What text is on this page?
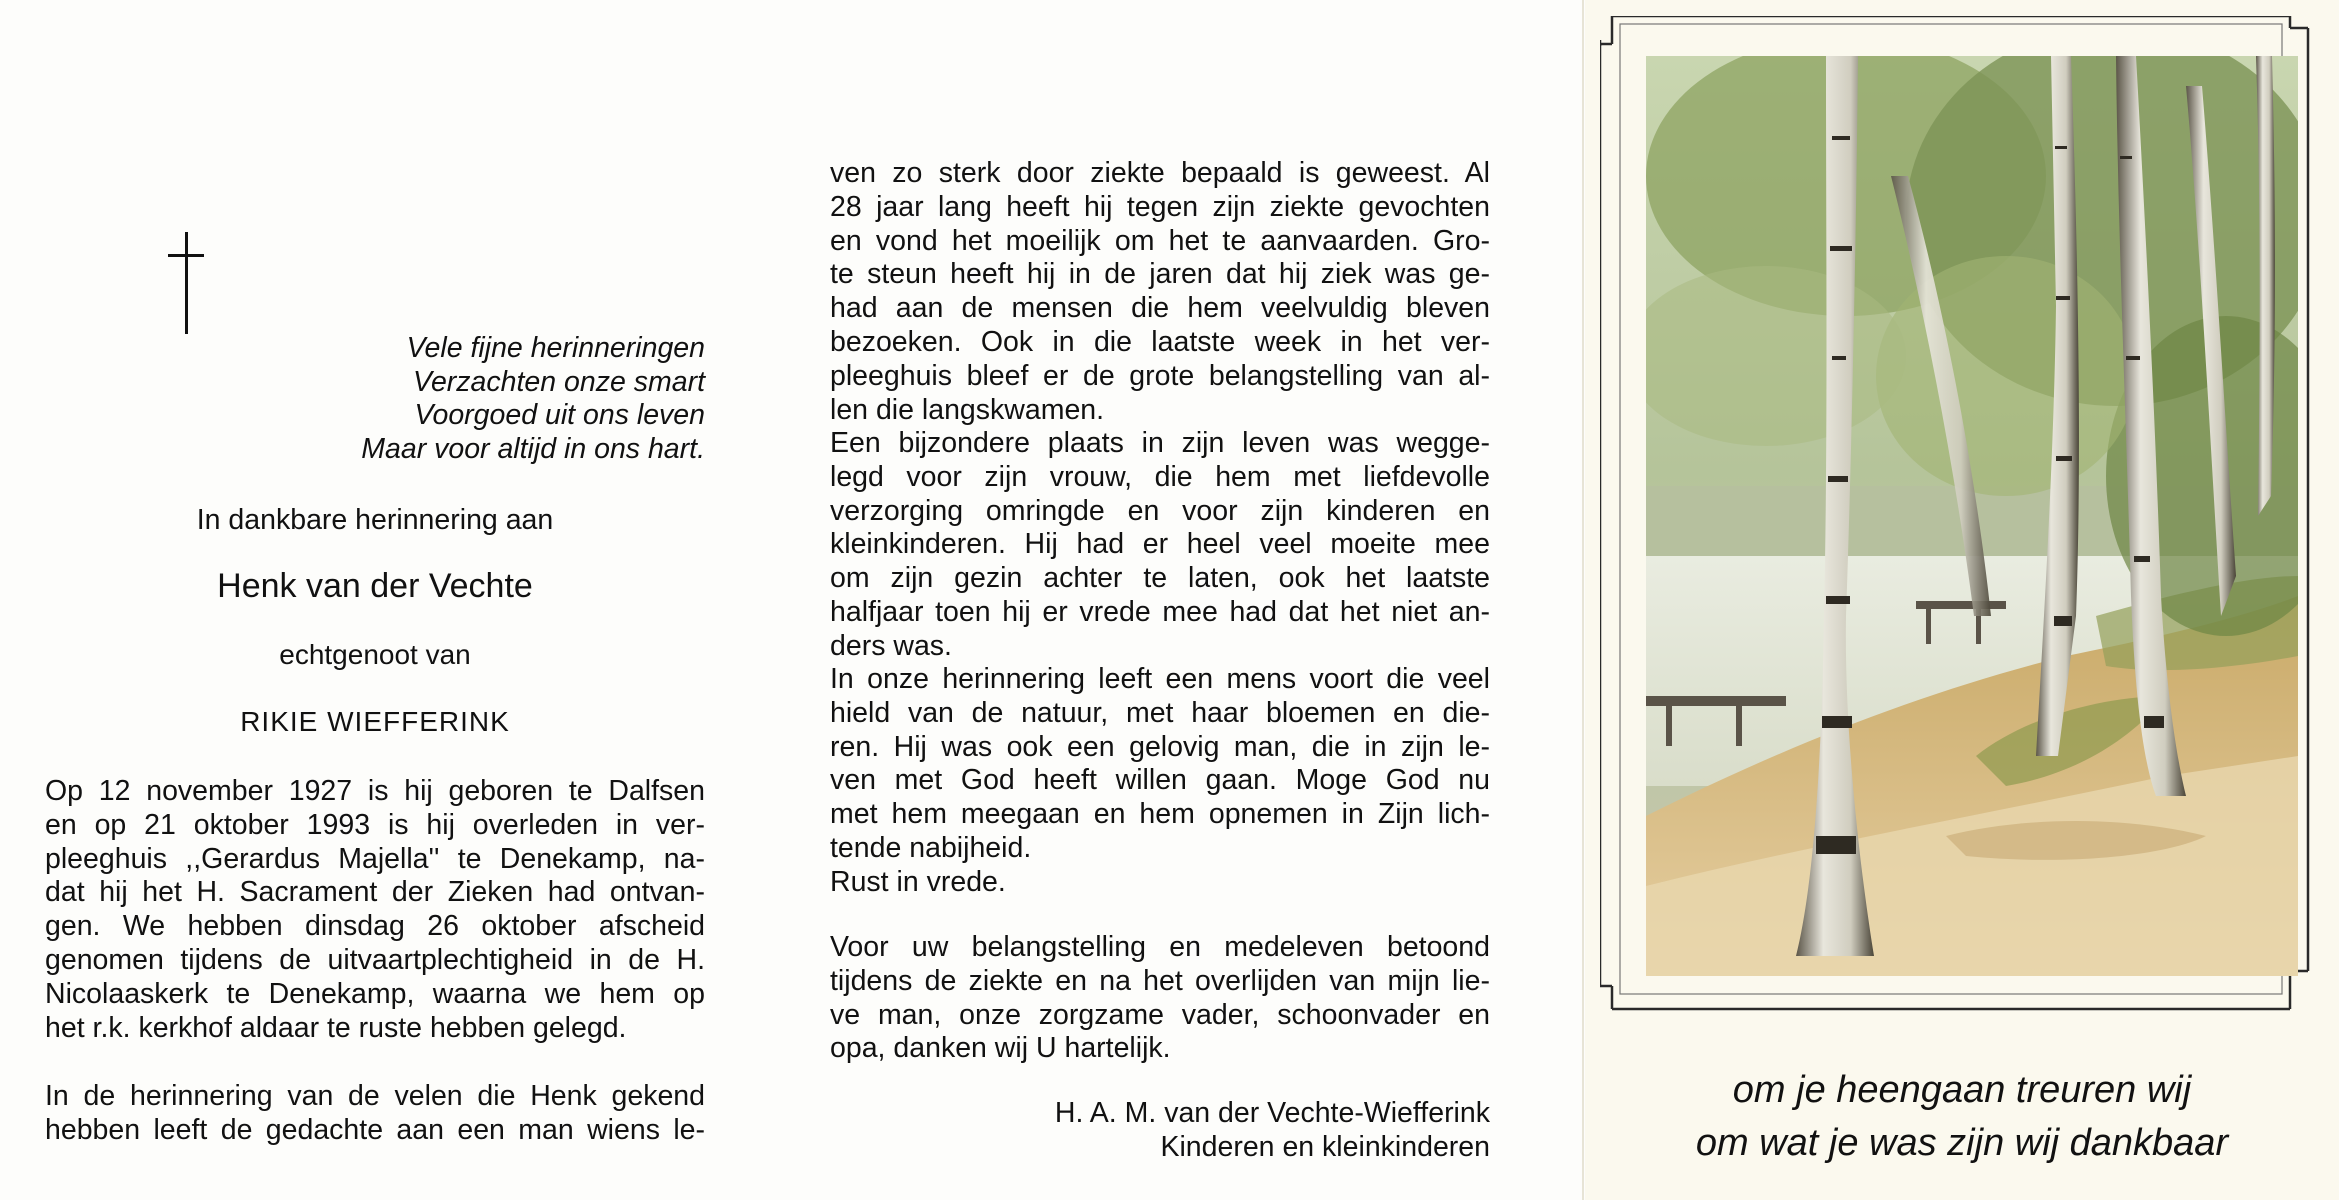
Vele fijne herinneringen
Verzachten onze smart
Voorgoed uit ons leven
Maar voor altijd in ons hart.
In dankbare herinnering aan
Henk van der Vechte
echtgenoot van
RIKIE WIEFFERINK
Op 12 november 1927 is hij geboren te Dalfsen
en op 21 oktober 1993 is hij overleden in ver-
pleeghuis ,,Gerardus Majella'' te Denekamp, na-
dat hij het H. Sacrament der Zieken had ontvan-
gen. We hebben dinsdag 26 oktober afscheid
genomen tijdens de uitvaartplechtigheid in de H.
Nicolaaskerk te Denekamp, waarna we hem op
het r.k. kerkhof aldaar te ruste hebben gelegd.
In de herinnering van de velen die Henk gekend
hebben leeft de gedachte aan een man wiens le-
ven zo sterk door ziekte bepaald is geweest. Al
28 jaar lang heeft hij tegen zijn ziekte gevochten
en vond het moeilijk om het te aanvaarden. Gro-
te steun heeft hij in de jaren dat hij ziek was ge-
had aan de mensen die hem veelvuldig bleven
bezoeken. Ook in die laatste week in het ver-
pleeghuis bleef er de grote belangstelling van al-
len die langskwamen.
Een bijzondere plaats in zijn leven was wegge-
legd voor zijn vrouw, die hem met liefdevolle
verzorging omringde en voor zijn kinderen en
kleinkinderen. Hij had er heel veel moeite mee
om zijn gezin achter te laten, ook het laatste
halfjaar toen hij er vrede mee had dat het niet an-
ders was.
In onze herinnering leeft een mens voort die veel
hield van de natuur, met haar bloemen en die-
ren. Hij was ook een gelovig man, die in zijn le-
ven met God heeft willen gaan. Moge God nu
met hem meegaan en hem opnemen in Zijn lich-
tende nabijheid.
Rust in vrede.
Voor uw belangstelling en medeleven betoond
tijdens de ziekte en na het overlijden van mijn lie-
ve man, onze zorgzame vader, schoonvader en
opa, danken wij U hartelijk.
H. A. M. van der Vechte-Wiefferink
Kinderen en kleinkinderen
om je heengaan treuren wij
om wat je was zijn wij dankbaar
